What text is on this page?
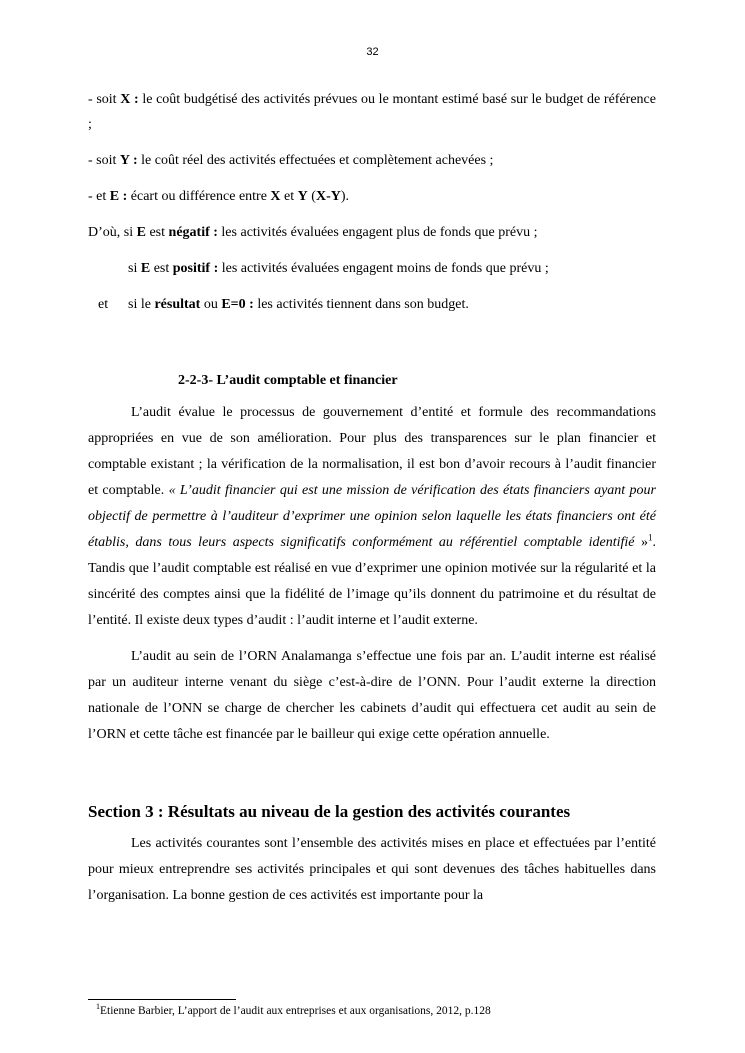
32

- soit X : le coût budgétisé des activités prévues ou le montant estimé basé sur le budget de référence ;

- soit Y : le coût réel des activités effectuées et complètement achevées ;

- et E : écart ou différence entre X et Y (X-Y).

D’où, si E est négatif : les activités évaluées engagent plus de fonds que prévu ;

si E est positif : les activités évaluées engagent moins de fonds que prévu ;

et si le résultat ou E=0 : les activités tiennent dans son budget.

2-2-3- L’audit comptable et financier

L’audit évalue le processus de gouvernement d’entité et formule des recommandations appropriées en vue de son amélioration. Pour plus des transparences sur le plan financier et comptable existant ; la vérification de la normalisation, il est bon d’avoir recours à l’audit financier et comptable. « L’audit financier qui est une mission de vérification des états financiers ayant pour objectif de permettre à l’auditeur d’exprimer une opinion selon laquelle les états financiers ont été établis, dans tous leurs aspects significatifs conformément au référentiel comptable identifié »$^1$. Tandis que l’audit comptable est réalisé en vue d’exprimer une opinion motivée sur la régularité et la sincérité des comptes ainsi que la fidélité de l’image qu’ils donnent du patrimoine et du résultat de l’entité. Il existe deux types d’audit : l’audit interne et l’audit externe.

L’audit au sein de l’ORN Analamanga s’effectue une fois par an. L’audit interne est réalisé par un auditeur interne venant du siège c’est-à-dire de l’ONN. Pour l’audit externe la direction nationale de l’ONN se charge de chercher les cabinets d’audit qui effectuera cet audit au sein de l’ORN et cette tâche est financée par le bailleur qui exige cette opération annuelle.

Section 3 : Résultats au niveau de la gestion des activités courantes

Les activités courantes sont l’ensemble des activités mises en place et effectuées par l’entité pour mieux entreprendre ses activités principales et qui sont devenues des tâches habituelles dans l’organisation. La bonne gestion de ces activités est importante pour la

$^1$Etienne Barbier, L’apport de l’audit aux entreprises et aux organisations, 2012, p.128
